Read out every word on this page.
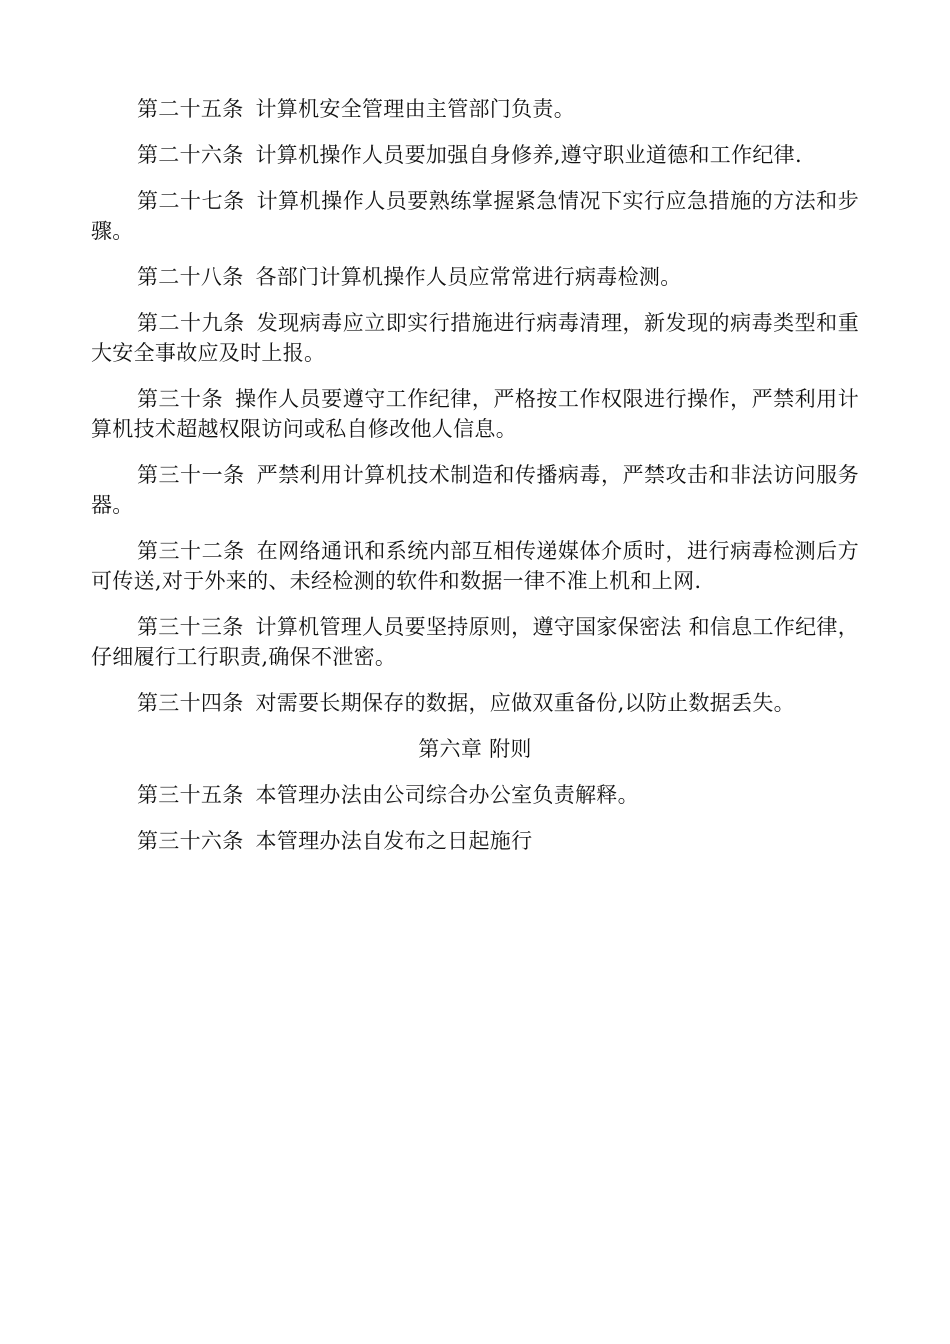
第二十五条 计算机安全管理由主管部门负责。

第二十六条 计算机操作人员要加强自身修养,遵守职业道德和工作纪律.

第二十七条 计算机操作人员要熟练掌握紧急情况下实行应急措施的方法和步骤。

第二十八条 各部门计算机操作人员应常常进行病毒检测。

第二十九条 发现病毒应立即实行措施进行病毒清理，新发现的病毒类型和重大安全事故应及时上报。

第三十条 操作人员要遵守工作纪律，严格按工作权限进行操作，严禁利用计算机技术超越权限访问或私自修改他人信息。

第三十一条 严禁利用计算机技术制造和传播病毒，严禁攻击和非法访问服务器。

第三十二条 在网络通讯和系统内部互相传递媒体介质时，进行病毒检测后方可传送,对于外来的、未经检测的软件和数据一律不准上机和上网.

第三十三条 计算机管理人员要坚持原则，遵守国家保密法 和信息工作纪律，仔细履行工行职责,确保不泄密。

第三十四条 对需要长期保存的数据，应做双重备份,以防止数据丢失。

第六章 附则

第三十五条 本管理办法由公司综合办公室负责解释。

第三十六条 本管理办法自发布之日起施行
